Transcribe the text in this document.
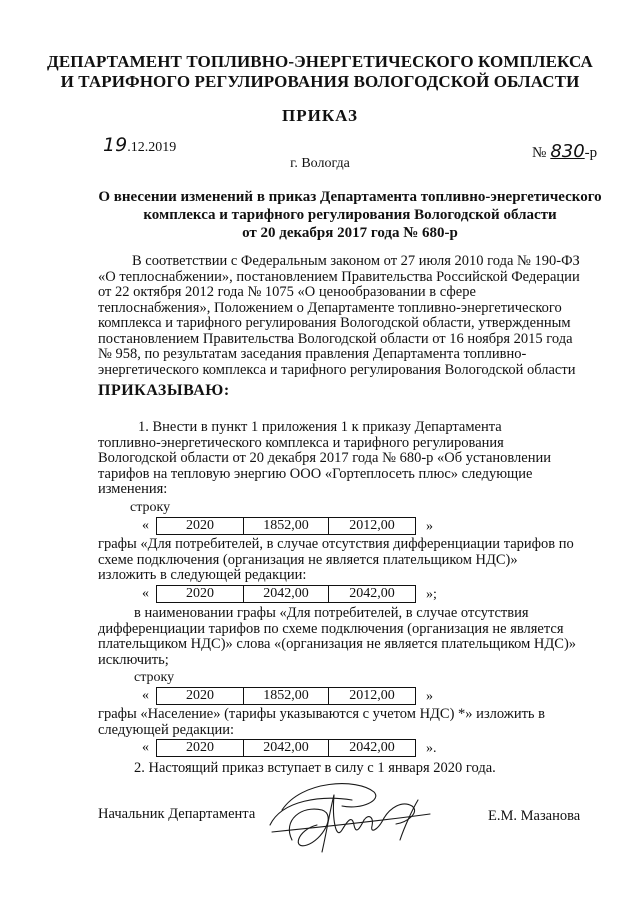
ДЕПАРТАМЕНТ ТОПЛИВНО-ЭНЕРГЕТИЧЕСКОГО КОМПЛЕКСА
И ТАРИФНОГО РЕГУЛИРОВАНИЯ ВОЛОГОДСКОЙ ОБЛАСТИ
ПРИКАЗ
19.12.2019	№ 830-р
г. Вологда
О внесении изменений в приказ Департамента топливно-энергетического
комплекса и тарифного регулирования Вологодской области
от 20 декабря 2017 года № 680-р
В соответствии с Федеральным законом от 27 июля 2010 года № 190-ФЗ
«О теплоснабжении», постановлением Правительства Российской Федерации
от 22 октября 2012 года № 1075 «О ценообразовании в сфере
теплоснабжения», Положением о Департаменте топливно-энергетического
комплекса и тарифного регулирования Вологодской области, утвержденным
постановлением Правительства Вологодской области от 16 ноября 2015 года
№ 958, по результатам заседания правления Департамента топливно-
энергетического комплекса и тарифного регулирования Вологодской области
ПРИКАЗЫВАЮ:
1. Внести в пункт 1 приложения 1 к приказу Департамента
топливно-энергетического комплекса и тарифного регулирования
Вологодской области от 20 декабря 2017 года № 680-р «Об установлении
тарифов на тепловую энергию ООО «Гортеплосеть плюс» следующие
изменения:
строку
«	2020	1852,00	2012,00 »
графы «Для потребителей, в случае отсутствия дифференциации тарифов по
схеме подключения (организация не является плательщиком НДС)»
изложить в следующей редакции:
«	2020	2042,00	2042,00 »;
в наименовании графы «Для потребителей, в случае отсутствия
дифференциации тарифов по схеме подключения (организация не является
плательщиком НДС)» слова «(организация не является плательщиком НДС)»
исключить;
строку
«	2020	1852,00	2012,00 »
графы «Население» (тарифы указываются с учетом НДС) *» изложить в
следующей редакции:
«	2020	2042,00	2042,00 ».
2. Настоящий приказ вступает в силу с 1 января 2020 года.
Начальник Департамента	Е.М. Мазанова
